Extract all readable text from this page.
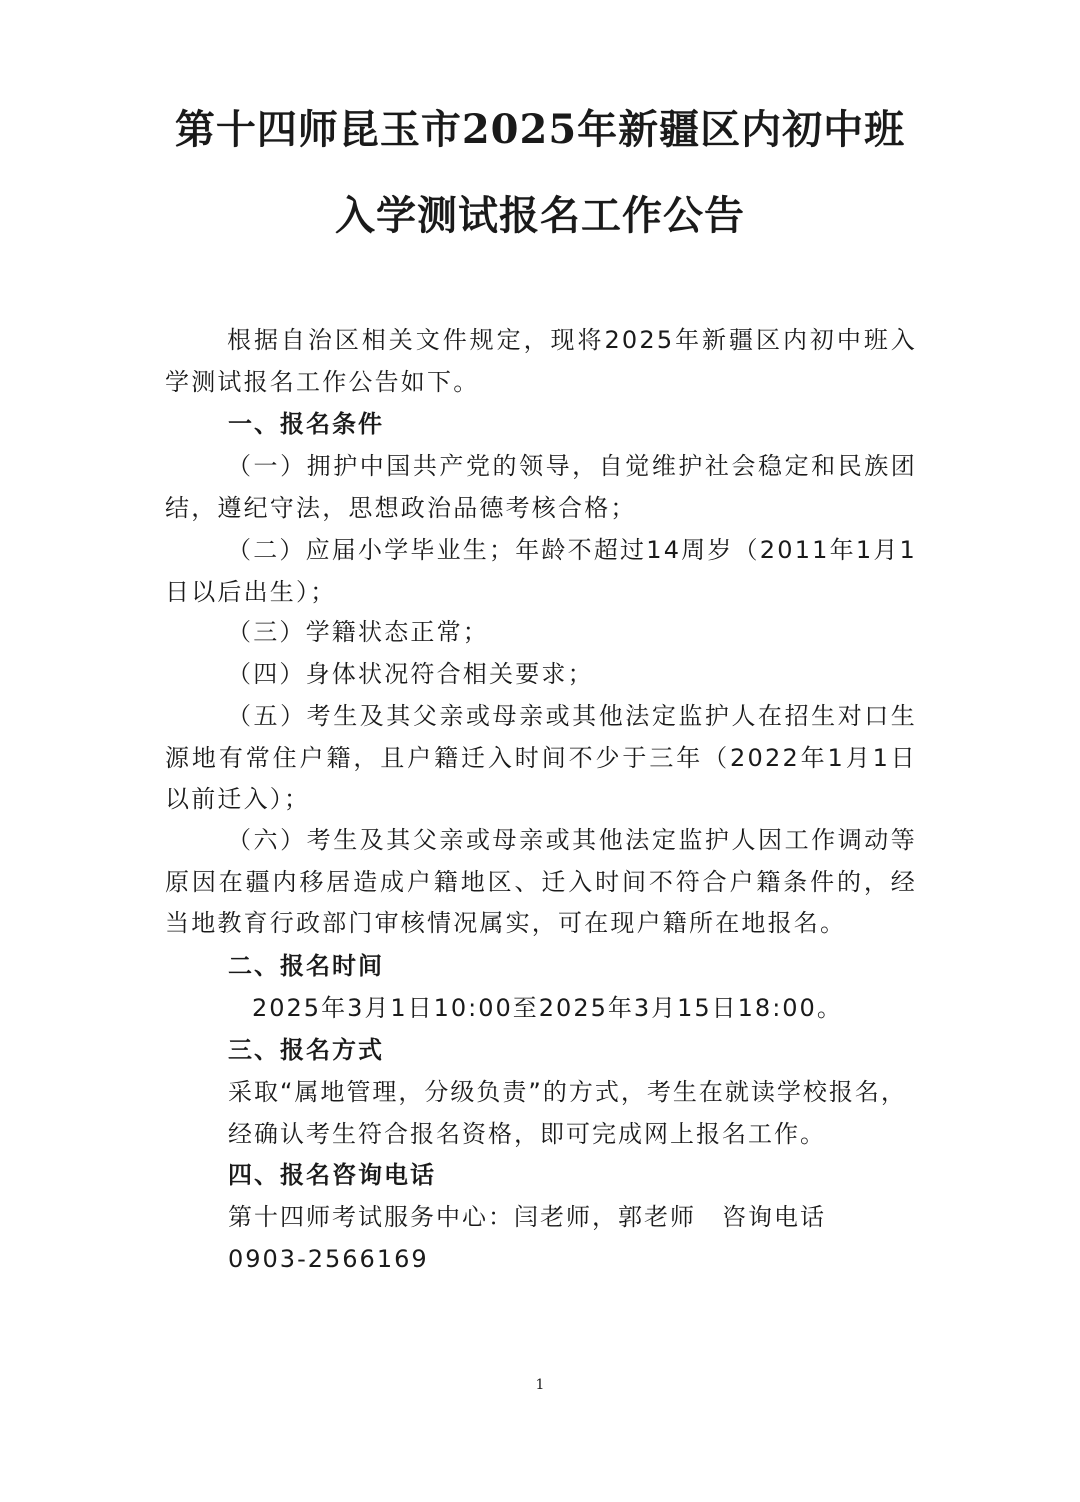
第十四师昆玉市2025年新疆区内初中班
入学测试报名工作公告
根据自治区相关文件规定，现将2025年新疆区内初中班入学测试报名工作公告如下。
一、报名条件
（一）拥护中国共产党的领导，自觉维护社会稳定和民族团结，遵纪守法，思想政治品德考核合格；
（二）应届小学毕业生；年龄不超过14周岁（2011年1月1日以后出生）；
（三）学籍状态正常；
（四）身体状况符合相关要求；
（五）考生及其父亲或母亲或其他法定监护人在招生对口生源地有常住户籍，且户籍迁入时间不少于三年（2022年1月1日以前迁入）；
（六）考生及其父亲或母亲或其他法定监护人因工作调动等原因在疆内移居造成户籍地区、迁入时间不符合户籍条件的，经当地教育行政部门审核情况属实，可在现户籍所在地报名。
二、报名时间
2025年3月1日10:00至2025年3月15日18:00。
三、报名方式
采取“属地管理，分级负责”的方式，考生在就读学校报名，
经确认考生符合报名资格，即可完成网上报名工作。
四、报名咨询电话
第十四师考试服务中心：闫老师，郭老师 咨询电话
0903-2566169
1
